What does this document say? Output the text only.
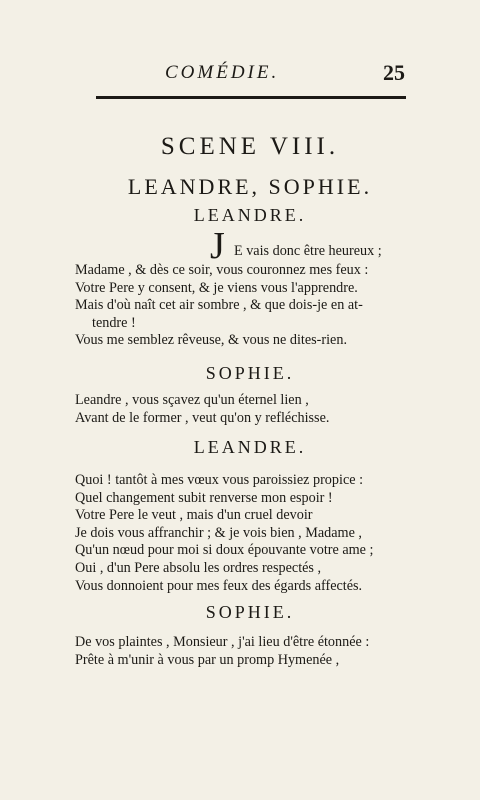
COMÉDIE.	25
SCENE VIII.
LEANDRE, SOPHIE.
LEANDRE.
J E vais donc être heureux ;
Madame , & dès ce soir, vous couronnez mes feux :
Votre Pere y consent, & je viens vous l'apprendre.
Mais d'où naît cet air sombre , & que dois-je en at-
tendre !
Vous me semblez rêveuse, & vous ne dites-rien.
SOPHIE.
Leandre , vous sçavez qu'un éternel lien ,
Avant de le former , veut qu'on y refléchisse.
LEANDRE.
Quoi ! tantôt à mes vœux vous paroissiez propice :
Quel changement subit renverse mon espoir !
Votre Pere le veut , mais d'un cruel devoir
Je dois vous affranchir ; & je vois bien , Madame ,
Qu'un nœud pour moi si doux épouvante votre ame ;
Oui , d'un Pere absolu les ordres respectés ,
Vous donnoient pour mes feux des égards affectés.
SOPHIE.
De vos plaintes , Monsieur , j'ai lieu d'être étonnée :
Prête à m'unir à vous par un promp Hymenée ,
